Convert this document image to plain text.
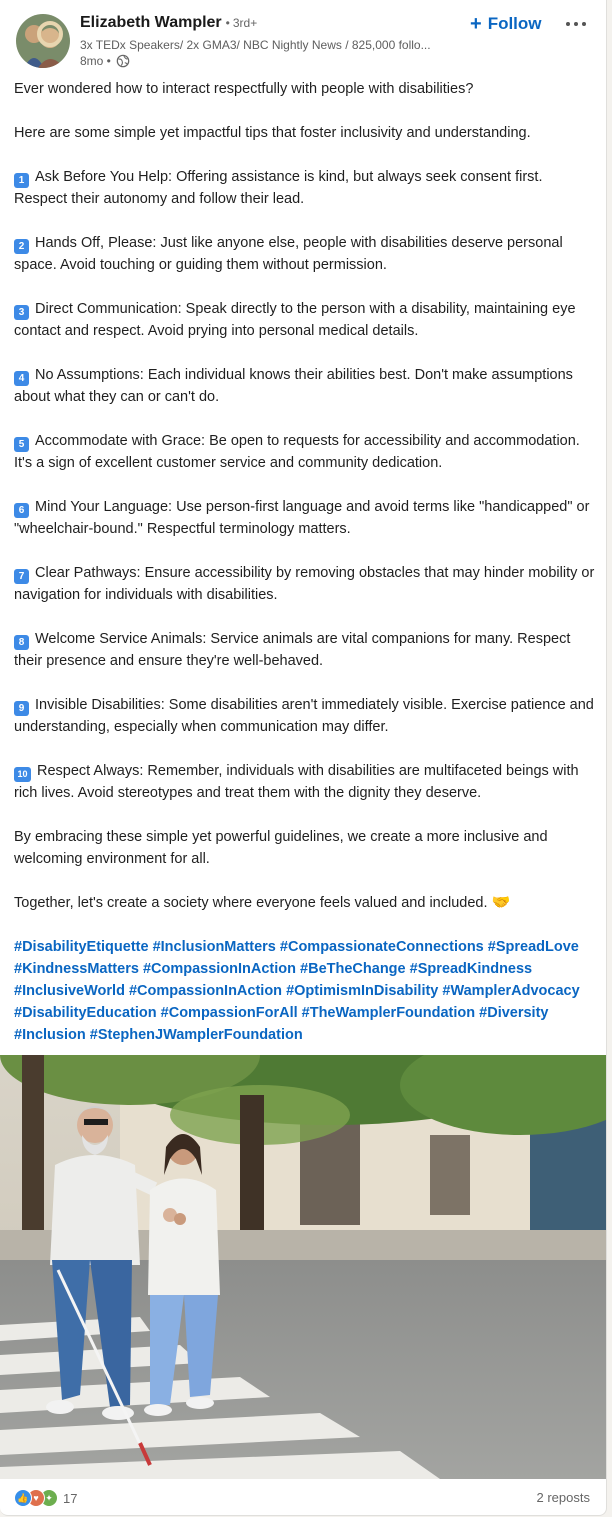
Elizabeth Wampler • 3rd+
3x TEDx Speakers/ 2x GMA3/ NBC Nightly News / 825,000 follo...
8mo •
+ Follow

Ever wondered how to interact respectfully with people with disabilities?

Here are some simple yet impactful tips that foster inclusivity and understanding.

1 Ask Before You Help: Offering assistance is kind, but always seek consent first. Respect their autonomy and follow their lead.

2 Hands Off, Please: Just like anyone else, people with disabilities deserve personal space. Avoid touching or guiding them without permission.

3 Direct Communication: Speak directly to the person with a disability, maintaining eye contact and respect. Avoid prying into personal medical details.

4 No Assumptions: Each individual knows their abilities best. Don't make assumptions about what they can or can't do.

5 Accommodate with Grace: Be open to requests for accessibility and accommodation. It's a sign of excellent customer service and community dedication.

6 Mind Your Language: Use person-first language and avoid terms like "handicapped" or "wheelchair-bound." Respectful terminology matters.

7 Clear Pathways: Ensure accessibility by removing obstacles that may hinder mobility or navigation for individuals with disabilities.

8 Welcome Service Animals: Service animals are vital companions for many. Respect their presence and ensure they're well-behaved.

9 Invisible Disabilities: Some disabilities aren't immediately visible. Exercise patience and understanding, especially when communication may differ.

10 Respect Always: Remember, individuals with disabilities are multifaceted beings with rich lives. Avoid stereotypes and treat them with the dignity they deserve.

By embracing these simple yet powerful guidelines, we create a more inclusive and welcoming environment for all.

Together, let's create a society where everyone feels valued and included. 🤝

#DisabilityEtiquette #InclusionMatters #CompassionateConnections #SpreadLove #KindnessMatters #CompassionInAction #BeTheChange #SpreadKindness #InclusiveWorld #CompassionInAction #OptimismInDisability #WamplerAdvocacy #DisabilityEducation #CompassionForAll #TheWamplerFoundation #Diversity #Inclusion #StephenJWamplerFoundation

👍 ♥ ✦ 17	2 reposts
